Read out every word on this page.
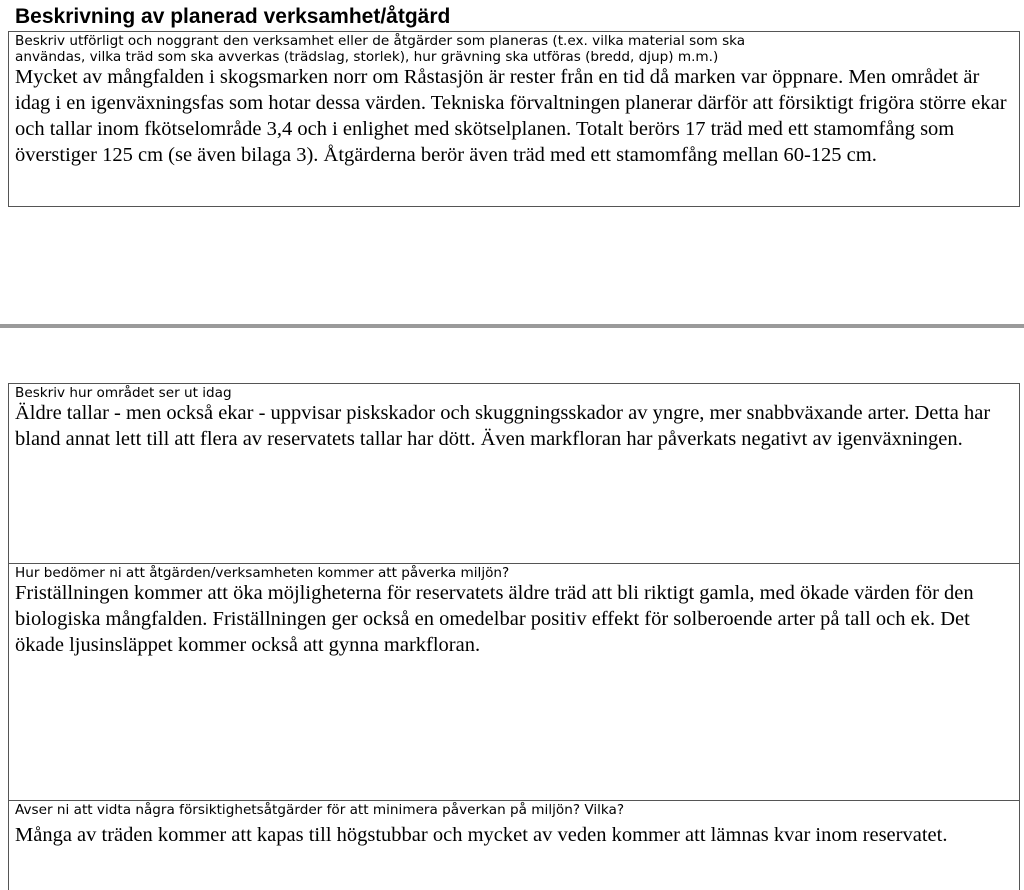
Beskrivning av planerad verksamhet/åtgärd

Beskriv utförligt och noggrant den verksamhet eller de åtgärder som planeras (t.ex. vilka material som ska
användas, vilka träd som ska avverkas (trädslag, storlek), hur grävning ska utföras (bredd, djup) m.m.)

Mycket av mångfalden i skogsmarken norr om Råstasjön är rester från en tid då marken var öppnare. Men området är idag i en igenväxningsfas som hotar dessa värden. Tekniska förvaltningen planerar därför att försiktigt frigöra större ekar och tallar inom fkötselområde 3,4 och i enlighet med skötselplanen. Totalt berörs 17 träd med ett stamomfång som överstiger 125 cm (se även bilaga 3). Åtgärderna berör även träd med ett stamomfång mellan 60-125 cm.

Beskriv hur området ser ut idag

Äldre tallar - men också ekar - uppvisar piskskador och skuggningsskador av yngre, mer snabbväxande arter. Detta har bland annat lett till att flera av reservatets tallar har dött. Även markfloran har påverkats negativt av igenväxningen.

Hur bedömer ni att åtgärden/verksamheten kommer att påverka miljön?

Friställningen kommer att öka möjligheterna för reservatets äldre träd att bli riktigt gamla, med ökade värden för den biologiska mångfalden. Friställningen ger också en omedelbar positiv effekt för solberoende arter på tall och ek. Det ökade ljusinsläppet kommer också att gynna markfloran.

Avser ni att vidta några försiktighetsåtgärder för att minimera påverkan på miljön? Vilka?

Många av träden kommer att kapas till högstubbar och mycket av veden kommer att lämnas kvar inom reservatet.
